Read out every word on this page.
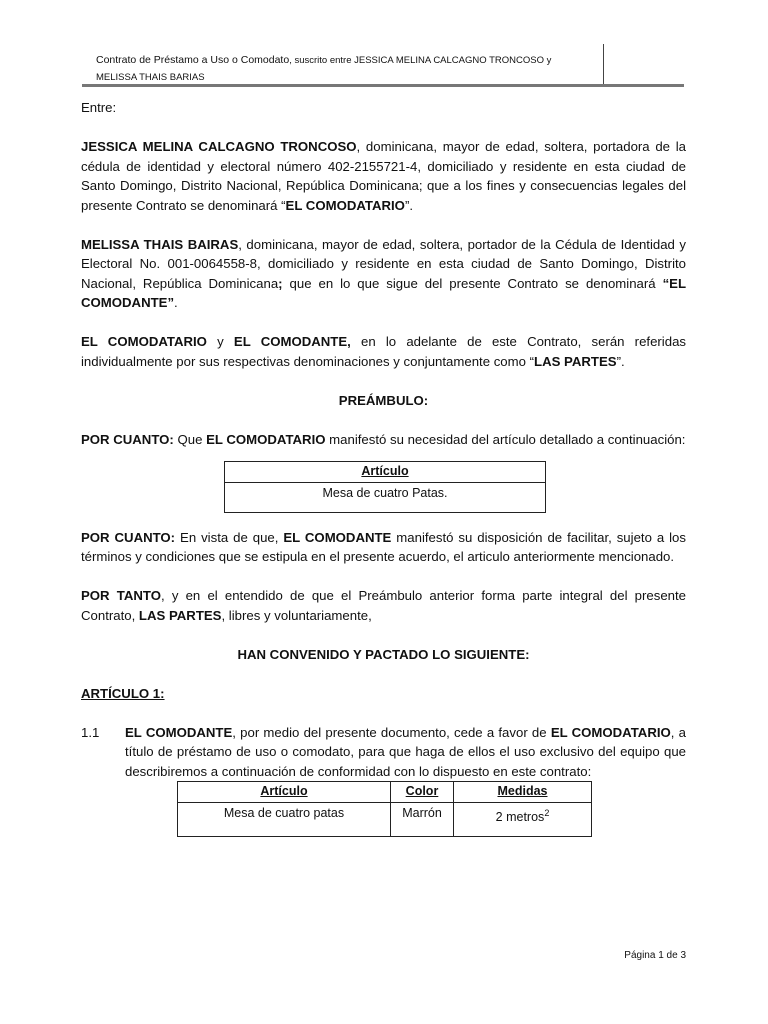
Contrato de Préstamo a Uso o Comodato, suscrito entre JESSICA MELINA CALCAGNO TRONCOSO y
MELISSA THAIS BARIAS

Entre:

JESSICA MELINA CALCAGNO TRONCOSO, dominicana, mayor de edad, soltera, portadora de la cédula de identidad y electoral número 402-2155721-4, domiciliado y residente en esta ciudad de Santo Domingo, Distrito Nacional, República Dominicana; que a los fines y consecuencias legales del presente Contrato se denominará “EL COMODATARIO”.

MELISSA THAIS BAIRAS, dominicana, mayor de edad, soltera, portador de la Cédula de Identidad y Electoral No. 001-0064558-8, domiciliado y residente en esta ciudad de Santo Domingo, Distrito Nacional, República Dominicana; que en lo que sigue del presente Contrato se denominará “EL COMODANTE”.

EL COMODATARIO y EL COMODANTE, en lo adelante de este Contrato, serán referidas individualmente por sus respectivas denominaciones y conjuntamente como “LAS PARTES”.

PREÁMBULO:

POR CUANTO: Que EL COMODATARIO manifestó su necesidad del artículo detallado a continuación:

Artículo
Mesa de cuatro Patas.

POR CUANTO: En vista de que, EL COMODANTE manifestó su disposición de facilitar, sujeto a los términos y condiciones que se estipula en el presente acuerdo, el articulo anteriormente mencionado.

POR TANTO, y en el entendido de que el Preámbulo anterior forma parte integral del presente Contrato, LAS PARTES, libres y voluntariamente,

HAN CONVENIDO Y PACTADO LO SIGUIENTE:

ARTÍCULO 1:

1.1	EL COMODANTE, por medio del presente documento, cede a favor de EL COMODATARIO, a título de préstamo de uso o comodato, para que haga de ellos el uso exclusivo del equipo que describiremos a continuación de conformidad con lo dispuesto en este contrato:
Artículo	Color	Medidas
Mesa de cuatro patas	Marrón	2 metros$^2$
Página 1 de 3
